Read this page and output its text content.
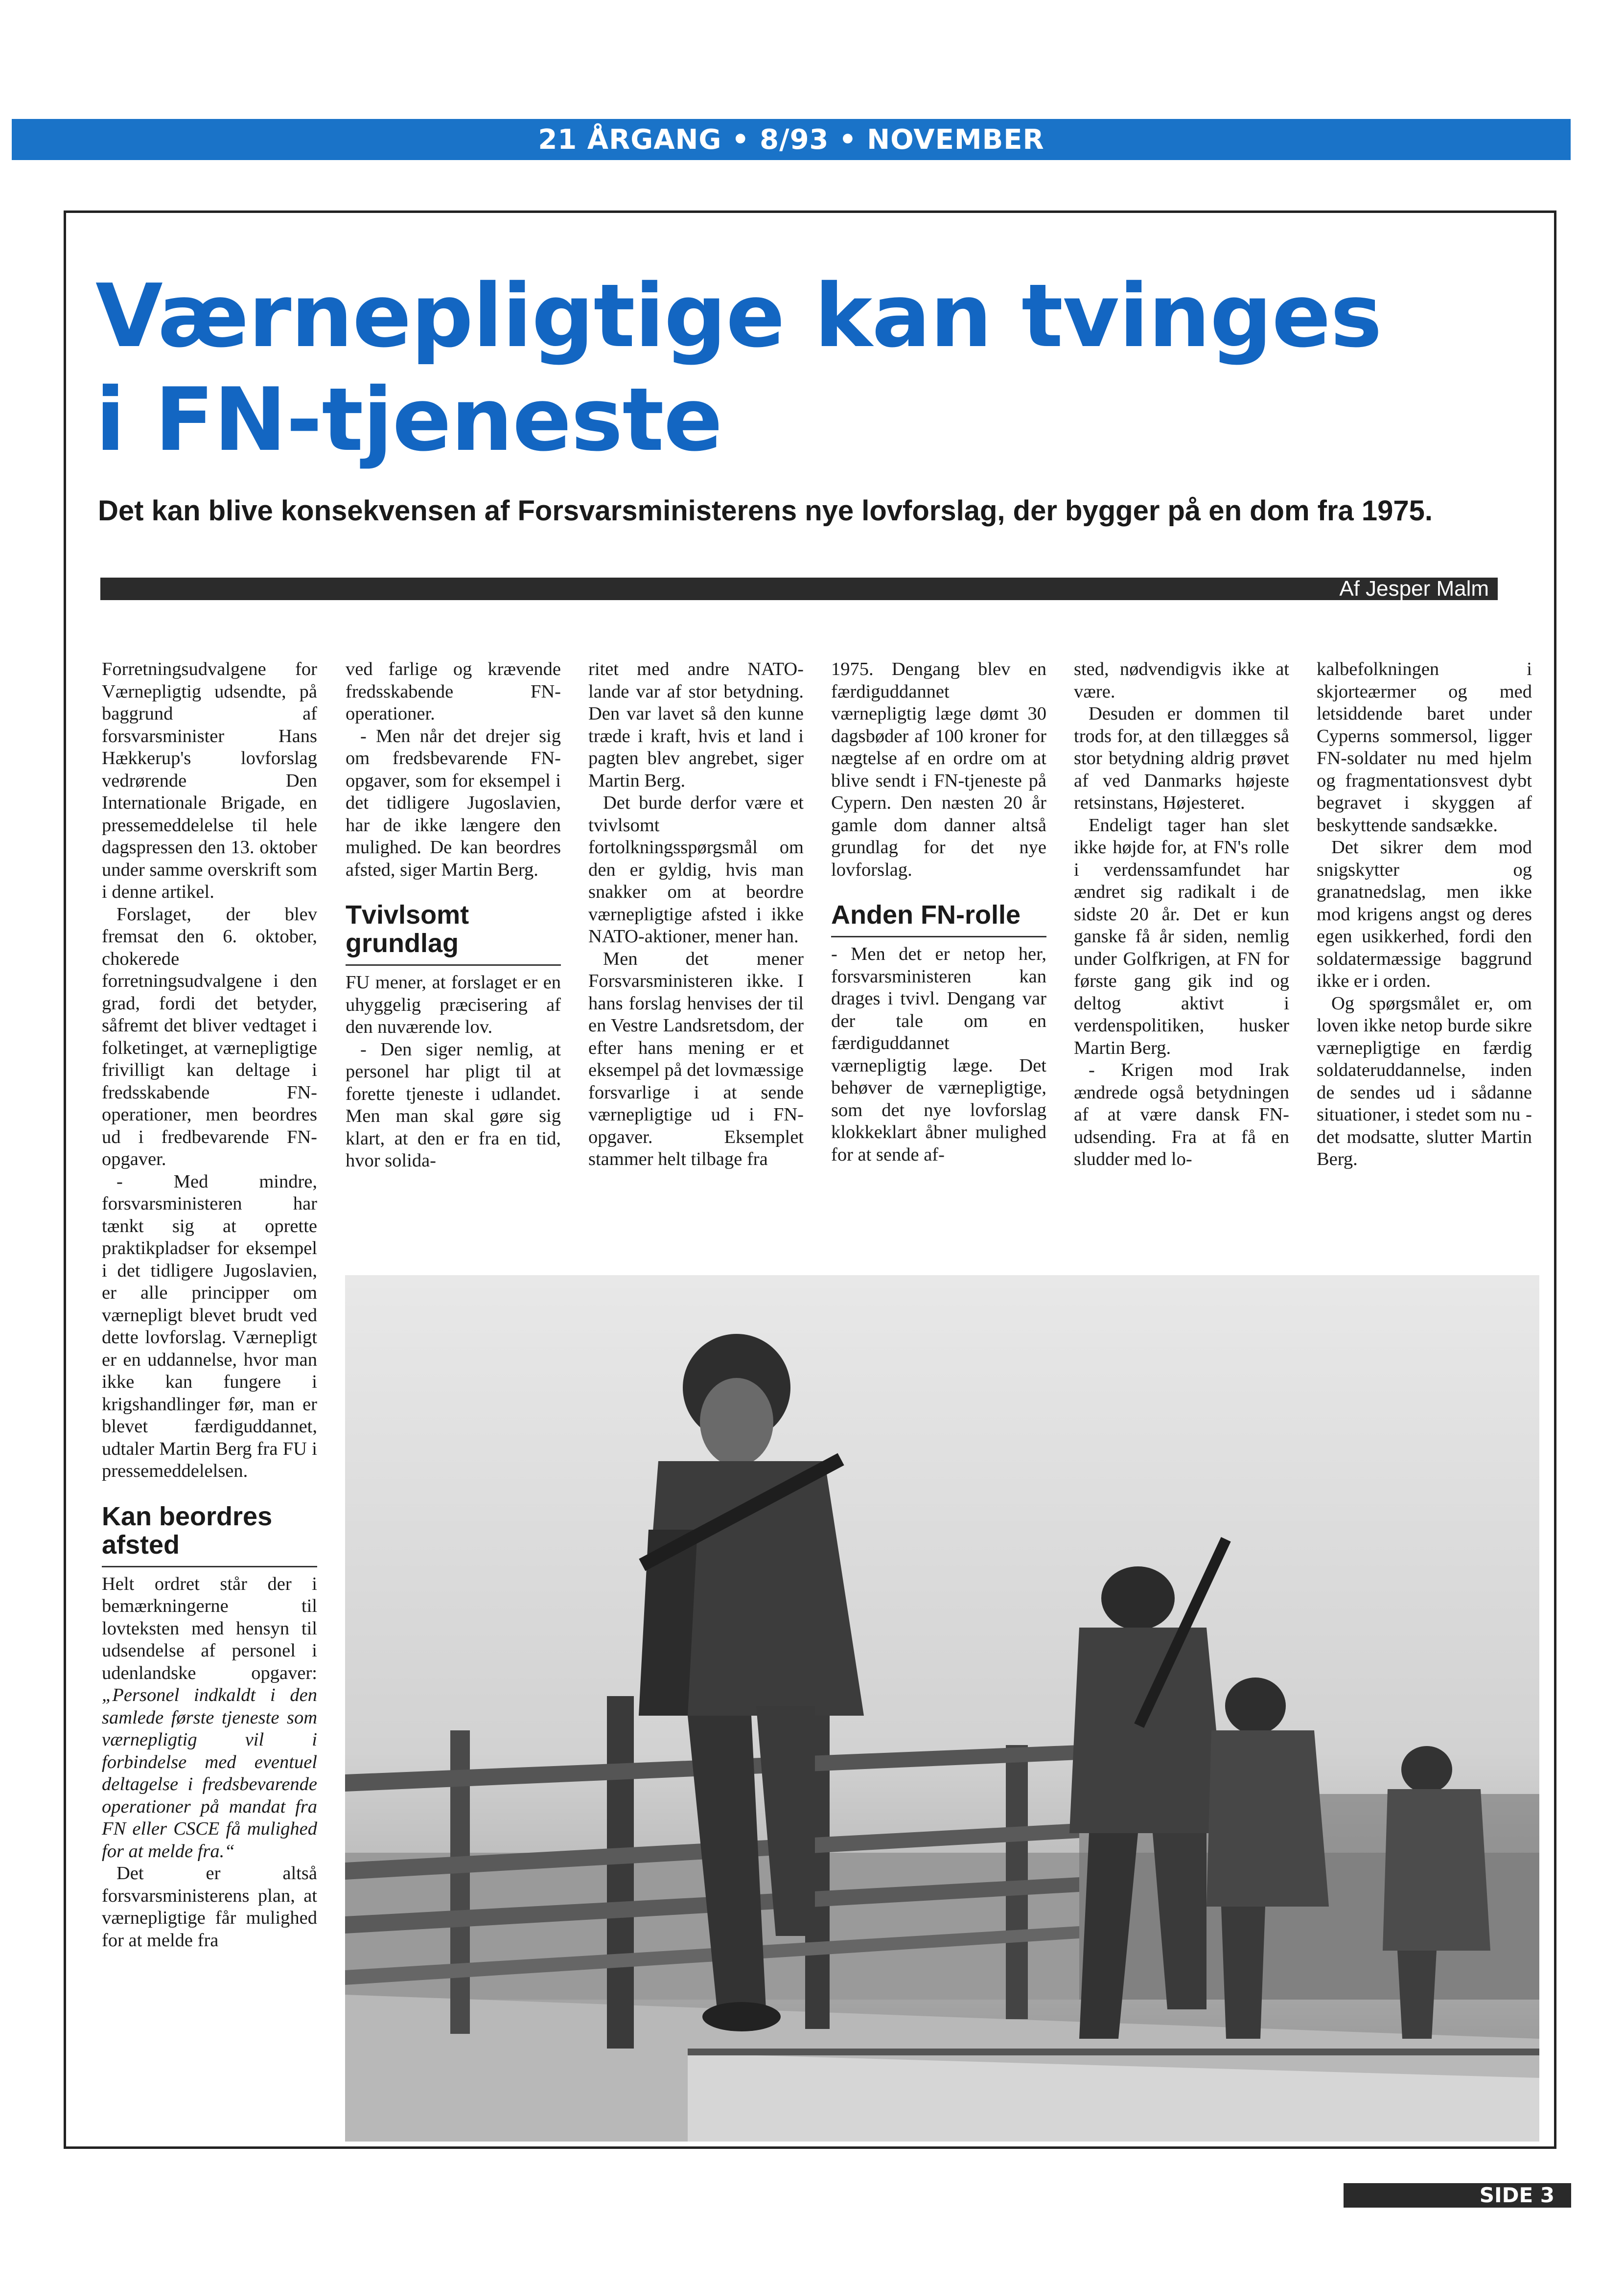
21 ÅRGANG • 8/93 • NOVEMBER
Værnepligtige kan tvinges
i FN-tjeneste
Det kan blive konsekvensen af Forsvarsministerens nye lovforslag, der bygger på en dom fra 1975.
Af Jesper Malm

Forretningsudvalgene for Værnepligtig udsendte, på baggrund af forsvarsminister Hans Hækkerup's lovforslag vedrørende Den Internationale Brigade, en pressemeddelelse til hele dagspressen den 13. oktober under samme overskrift som i denne artikel.

Forslaget, der blev fremsat den 6. oktober, chokerede forretningsudvalgene i den grad, fordi det betyder, såfremt det bliver vedtaget i folketinget, at værnepligtige frivilligt kan deltage i fredsskabende FN-operationer, men beordres ud i fredbevarende FN-opgaver.

- Med mindre, forsvarsministeren har tænkt sig at oprette praktikpladser for eksempel i det tidligere Jugoslavien, er alle principper om værnepligt blevet brudt ved dette lovforslag. Værnepligt er en uddannelse, hvor man ikke kan fungere i krigshandlinger før, man er blevet færdiguddannet, udtaler Martin Berg fra FU i pressemeddelelsen.

Kan beordres afsted

Helt ordret står der i bemærkningerne til lovteksten med hensyn til udsendelse af personel i udenlandske opgaver: „Personel indkaldt i den samlede første tjeneste som værnepligtig vil i forbindelse med eventuel deltagelse i fredsbevarende operationer på mandat fra FN eller CSCE få mulighed for at melde fra.“

Det er altså forsvarsministerens plan, at værnepligtige får mulighed for at melde fra

ved farlige og krævende fredsskabende FN-operationer.

- Men når det drejer sig om fredsbevarende FN-opgaver, som for eksempel i det tidligere Jugoslavien, har de ikke længere den mulighed. De kan beordres afsted, siger Martin Berg.

Tvivlsomt grundlag

FU mener, at forslaget er en uhyggelig præcisering af den nuværende lov.

- Den siger nemlig, at personel har pligt til at forette tjeneste i udlandet. Men man skal gøre sig klart, at den er fra en tid, hvor solida-

ritet med andre NATO-lande var af stor betydning. Den var lavet så den kunne træde i kraft, hvis et land i pagten blev angrebet, siger Martin Berg.

Det burde derfor være et tvivlsomt fortolkningsspørgsmål om den er gyldig, hvis man snakker om at beordre værnepligtige afsted i ikke NATO-aktioner, mener han.

Men det mener Forsvarsministeren ikke. I hans forslag henvises der til en Vestre Landsretsdom, der efter hans mening er et eksempel på det lovmæssige forsvarlige i at sende værnepligtige ud i FN-opgaver. Eksemplet stammer helt tilbage fra

1975. Dengang blev en færdiguddannet værnepligtig læge dømt 30 dagsbøder af 100 kroner for nægtelse af en ordre om at blive sendt i FN-tjeneste på Cypern. Den næsten 20 år gamle dom danner altså grundlag for det nye lovforslag.

Anden FN-rolle

- Men det er netop her, forsvarsministeren kan drages i tvivl. Dengang var der tale om en færdiguddannet værnepligtig læge. Det behøver de værnepligtige, som det nye lovforslag klokkeklart åbner mulighed for at sende af-

sted, nødvendigvis ikke at være.

Desuden er dommen til trods for, at den tillægges så stor betydning aldrig prøvet af ved Danmarks højeste retsinstans, Højesteret.

Endeligt tager han slet ikke højde for, at FN's rolle i verdenssamfundet har ændret sig radikalt i de sidste 20 år. Det er kun ganske få år siden, nemlig under Golfkrigen, at FN for første gang gik ind og deltog aktivt i verdenspolitiken, husker Martin Berg.

- Krigen mod Irak ændrede også betydningen af at være dansk FN-udsending. Fra at få en sludder med lo-

kalbefolkningen i skjorteærmer og med letsiddende baret under Cyperns sommersol, ligger FN-soldater nu med hjelm og fragmentationsvest dybt begravet i skyggen af beskyttende sandsække.

Det sikrer dem mod snigskytter og granatnedslag, men ikke mod krigens angst og deres egen usikkerhed, fordi den soldatermæssige baggrund ikke er i orden.

Og spørgsmålet er, om loven ikke netop burde sikre værnepligtige en færdig soldateruddannelse, inden de sendes ud i sådanne situationer, i stedet som nu - det modsatte, slutter Martin Berg.

SIDE 3
